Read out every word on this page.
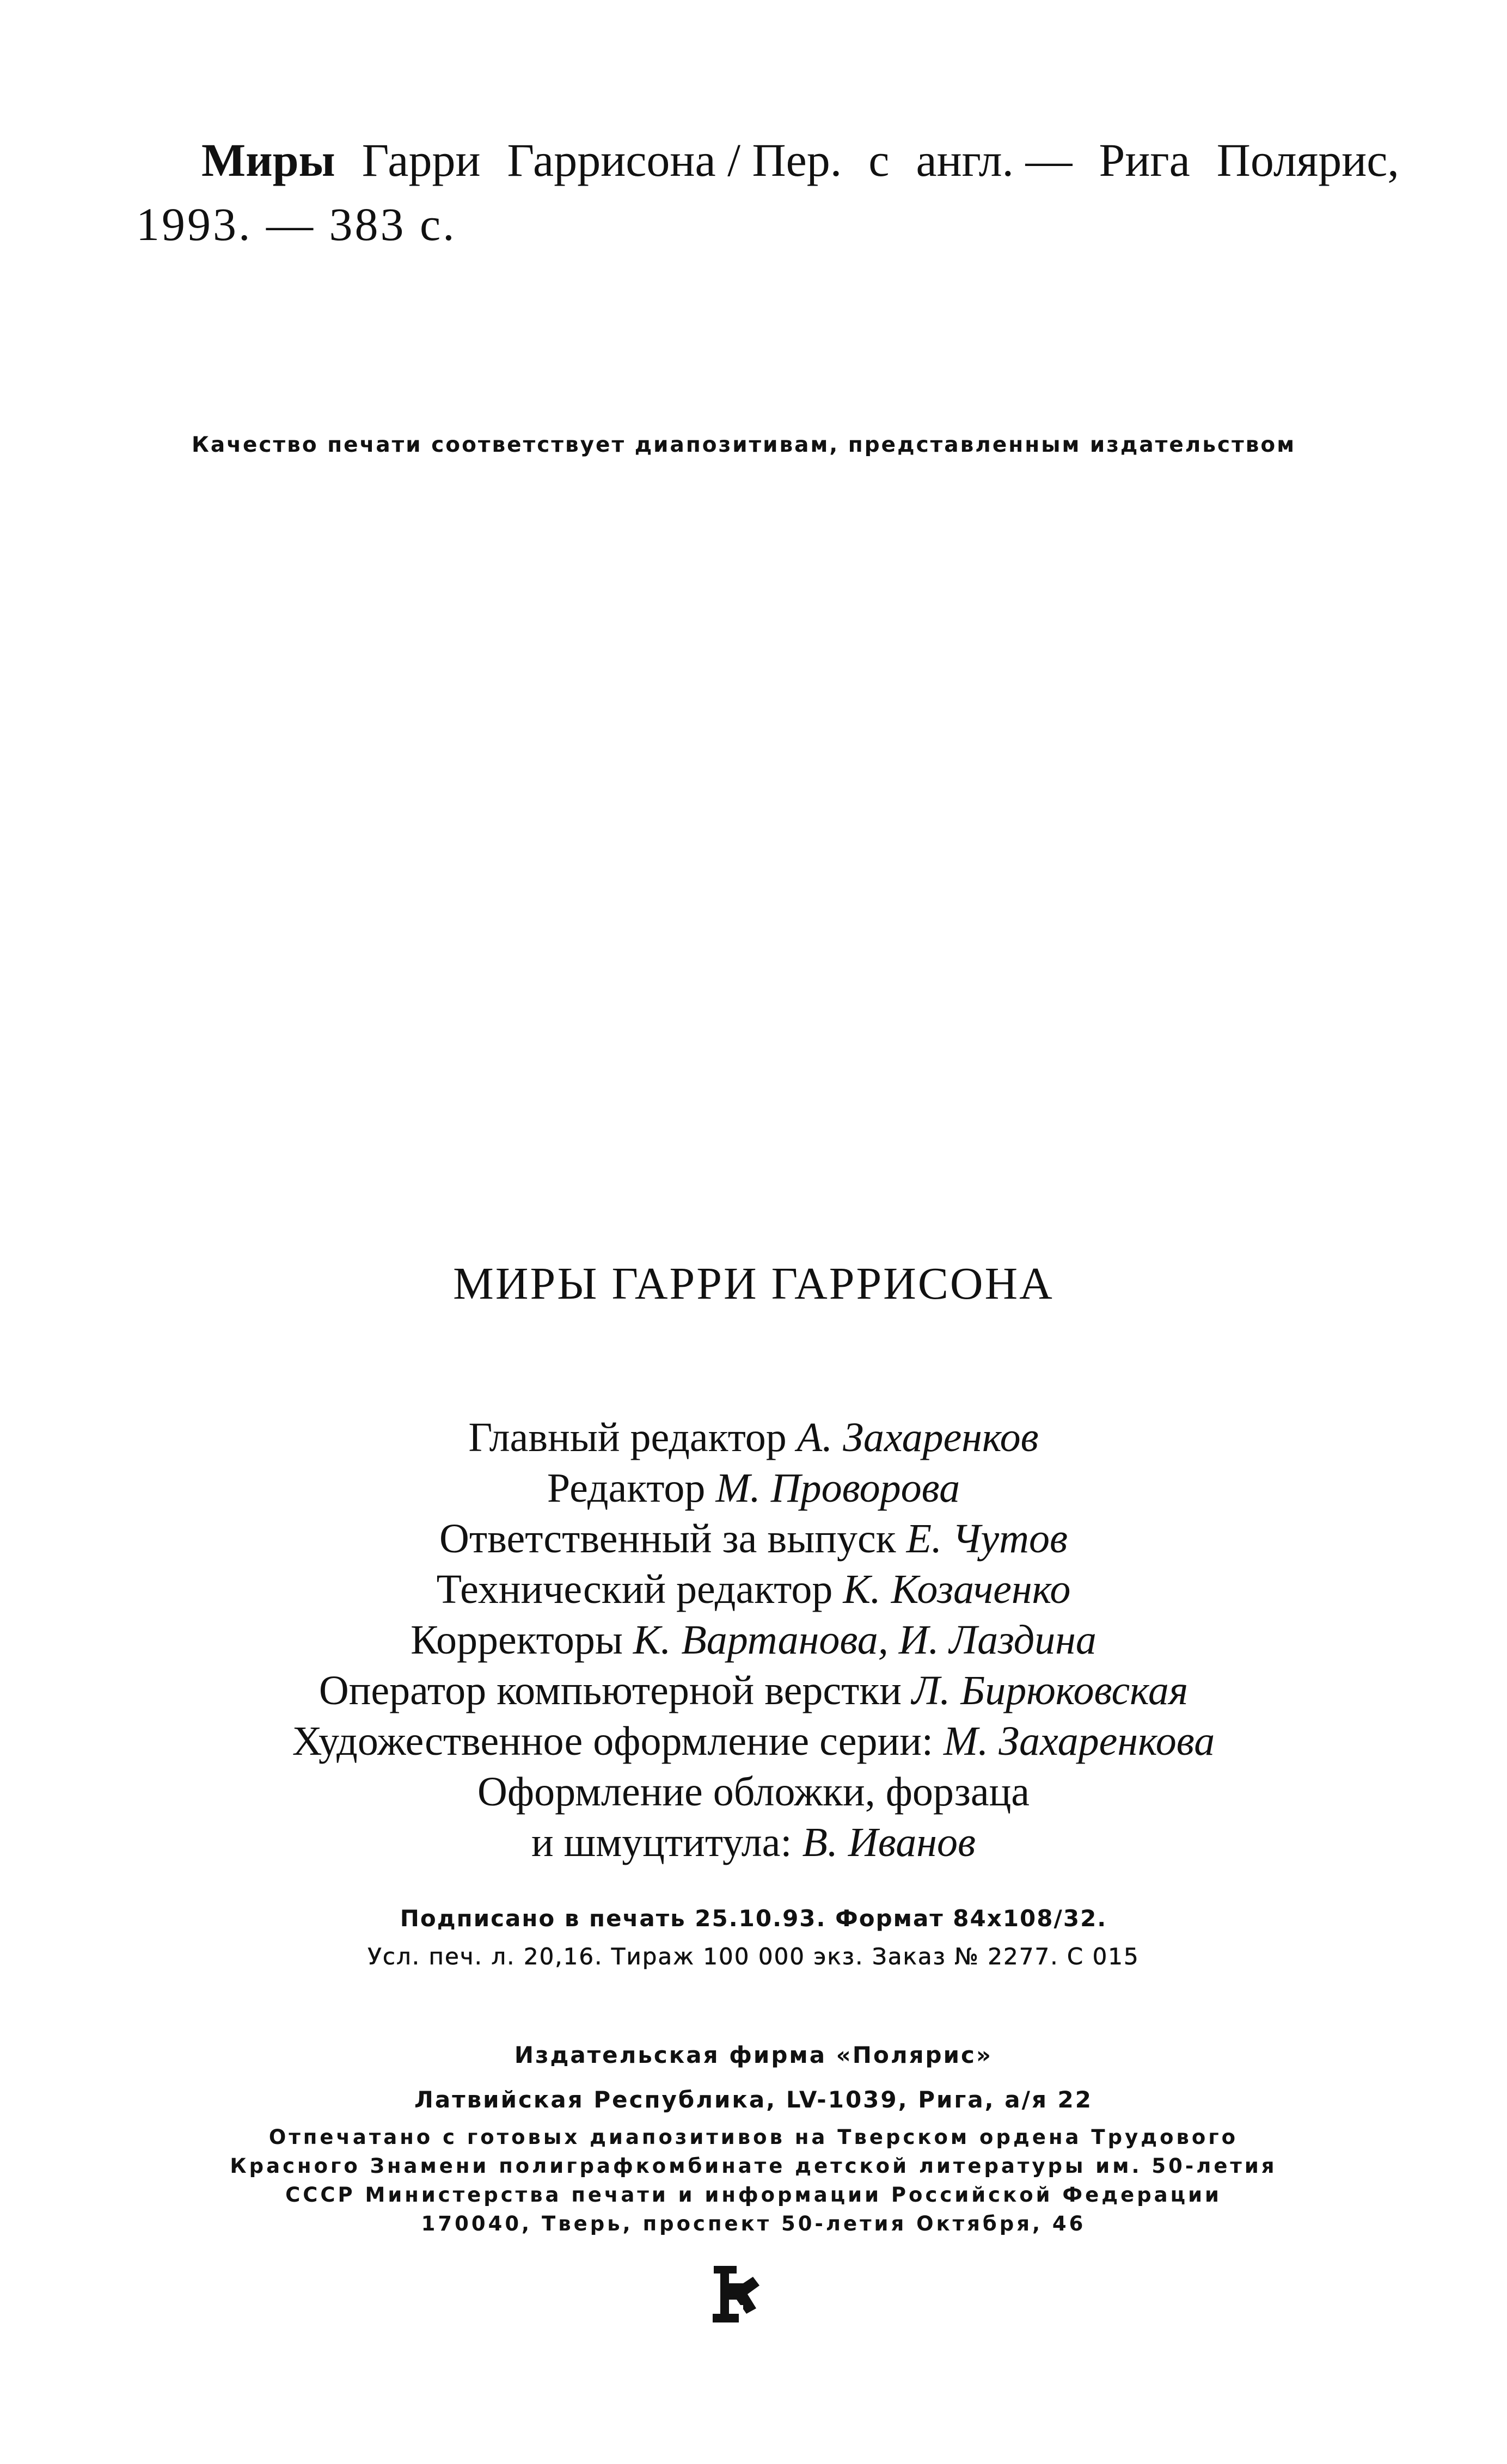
Миры Гарри Гаррисона / Пер. с англ. — Рига Полярис,
1993. — 383 с.
Качество печати соответствует диапозитивам, представленным издательством
МИРЫ ГАРРИ ГАРРИСОНА
Главный редактор А. Захаренков
Редактор М. Проворова
Ответственный за выпуск Е. Чутов
Технический редактор К. Козаченко
Корректоры К. Вартанова, И. Лаздина
Оператор компьютерной верстки Л. Бирюковская
Художественное оформление серии: М. Захаренкова
Оформление обложки, форзаца
и шмуцтитула: В. Иванов
Подписано в печать 25.10.93. Формат 84x108/32.
Усл. печ. л. 20,16. Тираж 100 000 экз. Заказ № 2277. С 015
Издательская фирма «Полярис»
Латвийская Республика, LV-1039, Рига, а/я 22
Отпечатано с готовых диапозитивов на Тверском ордена Трудового
Красного Знамени полиграфкомбинате детской литературы им. 50-летия
СССР Министерства печати и информации Российской Федерации
170040, Тверь, проспект 50-летия Октября, 46
